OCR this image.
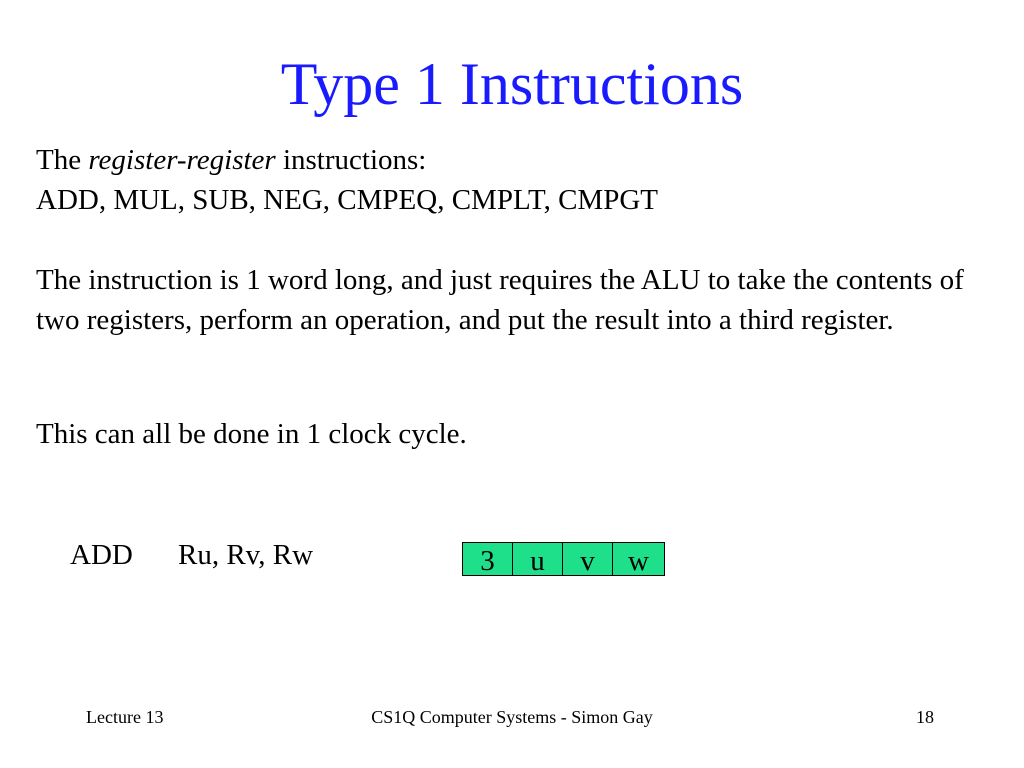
Type 1 Instructions

The register-register instructions:
ADD, MUL, SUB, NEG, CMPEQ, CMPLT, CMPGT

The instruction is 1 word long, and just requires the ALU to take the contents of two registers, perform an operation, and put the result into a third register.

This can all be done in 1 clock cycle.

ADD Ru, Rv, Rw	3	u	v	w
Lecture 13	CS1Q Computer Systems - Simon Gay	18
